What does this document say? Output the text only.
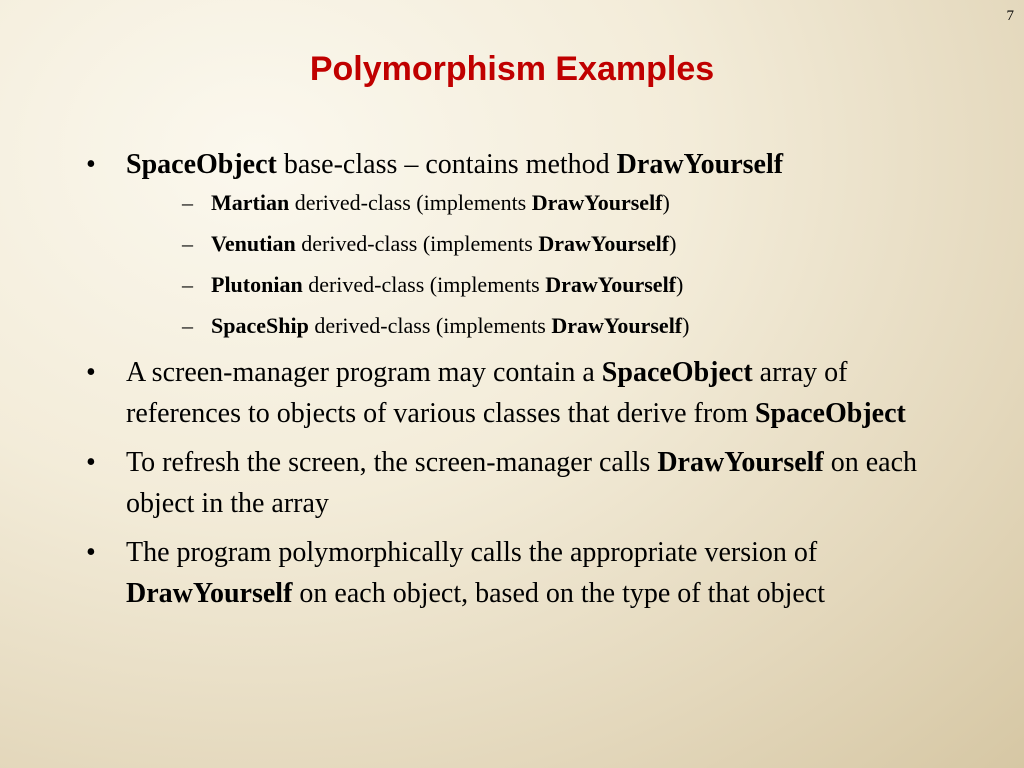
7
Polymorphism Examples
• SpaceObject base-class – contains method DrawYourself
– Martian derived-class (implements DrawYourself)
– Venutian derived-class (implements DrawYourself)
– Plutonian derived-class (implements DrawYourself)
– SpaceShip derived-class (implements DrawYourself)
• A screen-manager program may contain a SpaceObject array of references to objects of various classes that derive from SpaceObject
• To refresh the screen, the screen-manager calls DrawYourself on each object in the array
• The program polymorphically calls the appropriate version of DrawYourself on each object, based on the type of that object
